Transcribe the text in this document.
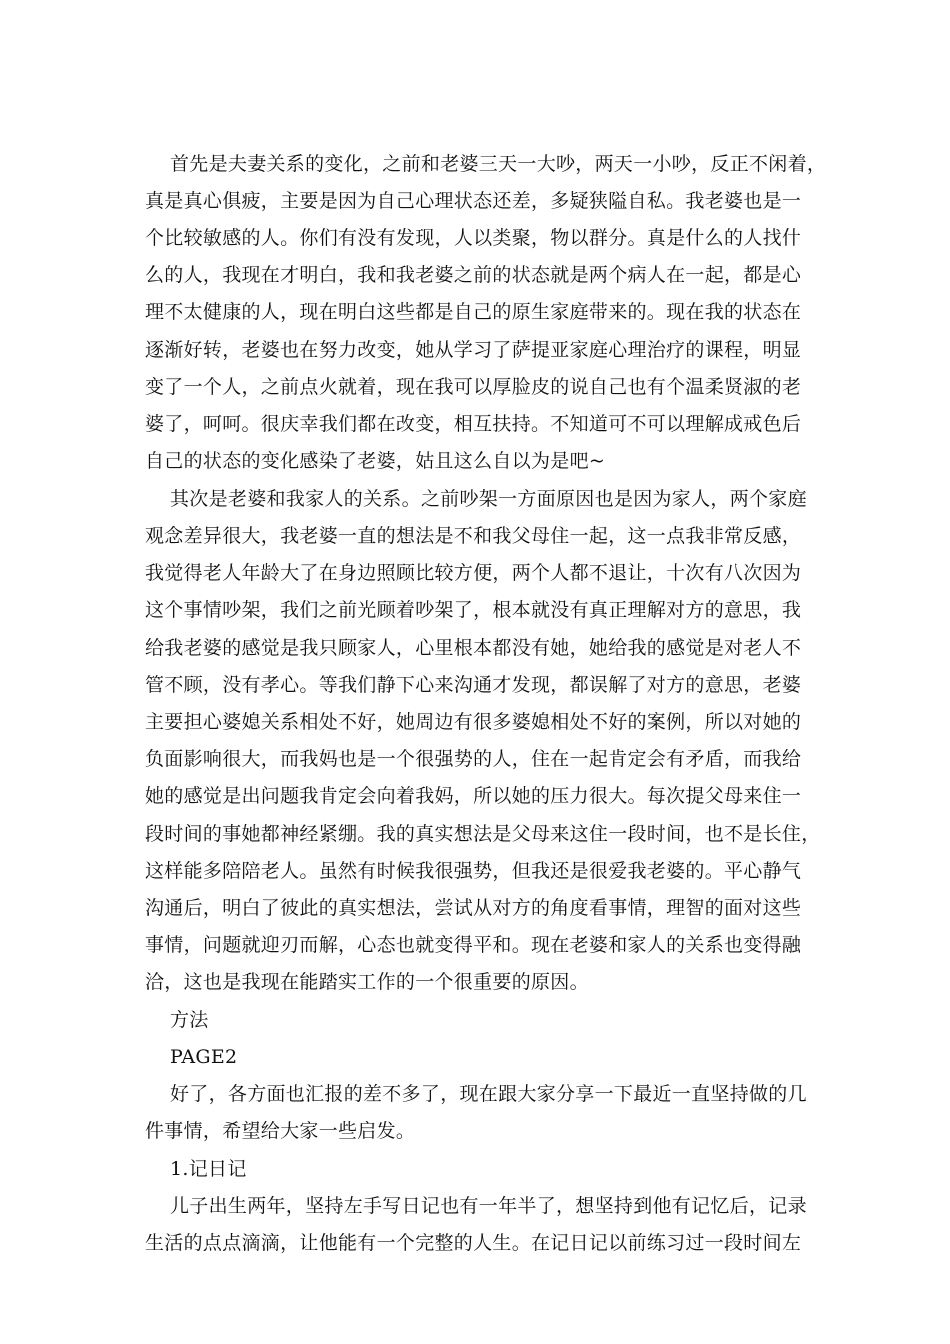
首先是夫妻关系的变化，之前和老婆三天一大吵，两天一小吵，反正不闲着，
真是真心俱疲，主要是因为自己心理状态还差，多疑狭隘自私。我老婆也是一
个比较敏感的人。你们有没有发现，人以类聚，物以群分。真是什么的人找什
么的人，我现在才明白，我和我老婆之前的状态就是两个病人在一起，都是心
理不太健康的人，现在明白这些都是自己的原生家庭带来的。现在我的状态在
逐渐好转，老婆也在努力改变，她从学习了萨提亚家庭心理治疗的课程，明显
变了一个人，之前点火就着，现在我可以厚脸皮的说自己也有个温柔贤淑的老
婆了，呵呵。很庆幸我们都在改变，相互扶持。不知道可不可以理解成戒色后
自己的状态的变化感染了老婆，姑且这么自以为是吧~
其次是老婆和我家人的关系。之前吵架一方面原因也是因为家人，两个家庭
观念差异很大，我老婆一直的想法是不和我父母住一起，这一点我非常反感，
我觉得老人年龄大了在身边照顾比较方便，两个人都不退让，十次有八次因为
这个事情吵架，我们之前光顾着吵架了，根本就没有真正理解对方的意思，我
给我老婆的感觉是我只顾家人，心里根本都没有她，她给我的感觉是对老人不
管不顾，没有孝心。等我们静下心来沟通才发现，都误解了对方的意思，老婆
主要担心婆媳关系相处不好，她周边有很多婆媳相处不好的案例，所以对她的
负面影响很大，而我妈也是一个很强势的人，住在一起肯定会有矛盾，而我给
她的感觉是出问题我肯定会向着我妈，所以她的压力很大。每次提父母来住一
段时间的事她都神经紧绷。我的真实想法是父母来这住一段时间，也不是长住，
这样能多陪陪老人。虽然有时候我很强势，但我还是很爱我老婆的。平心静气
沟通后，明白了彼此的真实想法，尝试从对方的角度看事情，理智的面对这些
事情，问题就迎刃而解，心态也就变得平和。现在老婆和家人的关系也变得融
洽，这也是我现在能踏实工作的一个很重要的原因。
方法
PAGE2
好了，各方面也汇报的差不多了，现在跟大家分享一下最近一直坚持做的几
件事情，希望给大家一些启发。
1.记日记
儿子出生两年，坚持左手写日记也有一年半了，想坚持到他有记忆后，记录
生活的点点滴滴，让他能有一个完整的人生。在记日记以前练习过一段时间左
